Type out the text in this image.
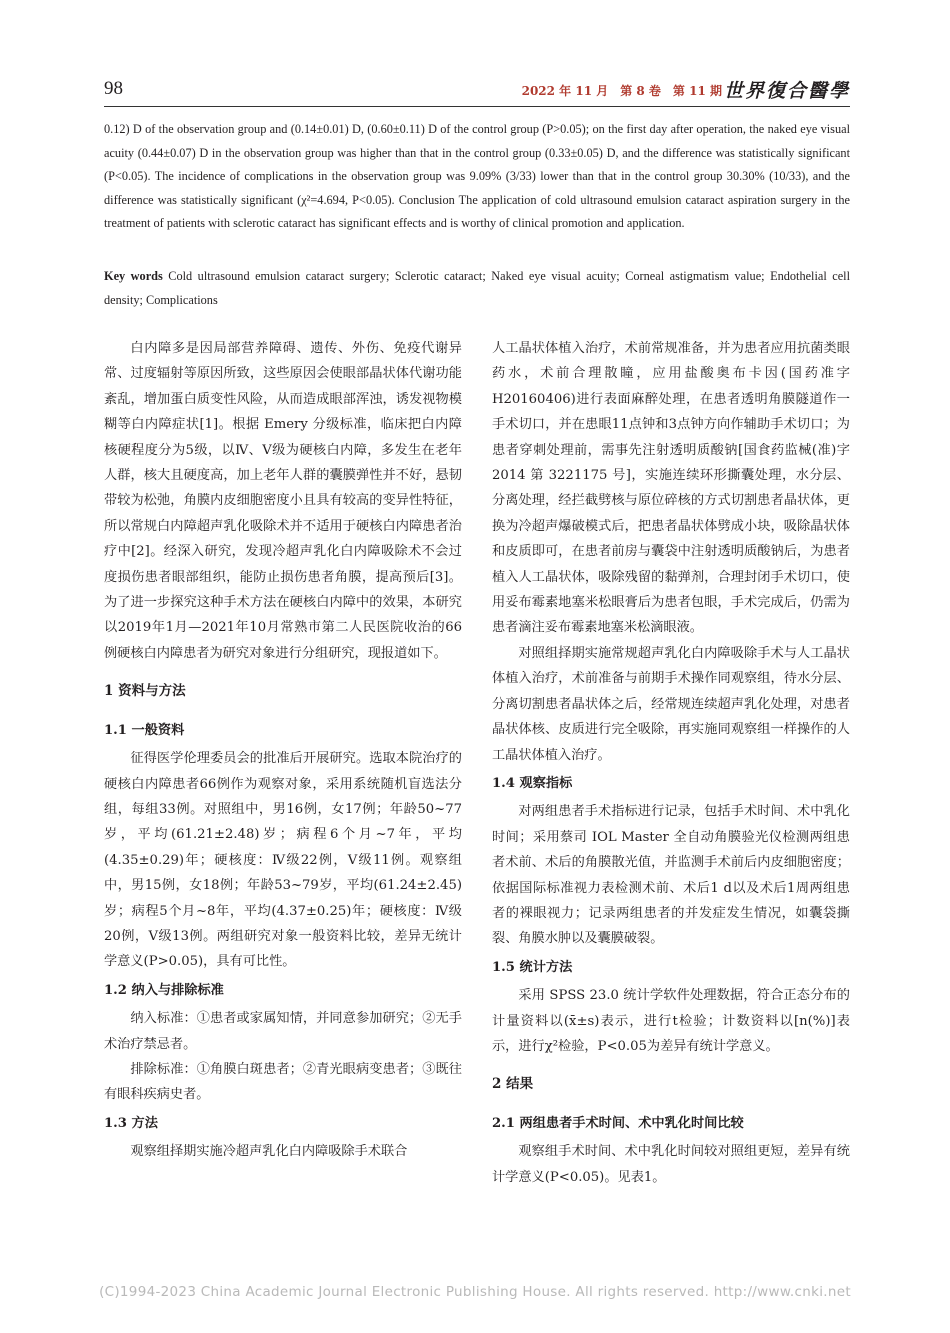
98	2022 年 11 月　第 8 卷　第 11 期 世界復合醫學
0.12) D of the observation group and (0.14±0.01) D, (0.60±0.11) D of the control group (P>0.05); on the first day after operation, the naked eye visual acuity (0.44±0.07) D in the observation group was higher than that in the control group (0.33±0.05) D, and the difference was statistically significant (P<0.05). The incidence of complications in the observation group was 9.09% (3/33) lower than that in the control group 30.30% (10/33), and the difference was statistically significant (χ²=4.694, P<0.05). Conclusion The application of cold ultrasound emulsion cataract aspiration surgery in the treatment of patients with sclerotic cataract has significant effects and is worthy of clinical promotion and application.
Key words Cold ultrasound emulsion cataract surgery; Sclerotic cataract; Naked eye visual acuity; Corneal astigmatism value; Endothelial cell density; Complications

白内障多是因局部营养障碍、遗传、外伤、免疫代谢异常、过度辐射等原因所致，这些原因会使眼部晶状体代谢功能紊乱，增加蛋白质变性风险，从而造成眼部浑浊，诱发视物模糊等白内障症状[1]。根据 Emery 分级标准，临床把白内障核硬程度分为5级，以Ⅳ、Ⅴ级为硬核白内障，多发生在老年人群，核大且硬度高，加上老年人群的囊膜弹性并不好，悬韧带较为松弛，角膜内皮细胞密度小且具有较高的变异性特征，所以常规白内障超声乳化吸除术并不适用于硬核白内障患者治疗中[2]。经深入研究，发现冷超声乳化白内障吸除术不会过度损伤患者眼部组织，能防止损伤患者角膜，提高预后[3]。为了进一步探究这种手术方法在硬核白内障中的效果，本研究以2019年1月—2021年10月常熟市第二人民医院收治的66例硬核白内障患者为研究对象进行分组研究，现报道如下。

1 资料与方法
1.1 一般资料

征得医学伦理委员会的批准后开展研究。选取本院治疗的硬核白内障患者66例作为观察对象，采用系统随机盲选法分组，每组33例。对照组中，男16例，女17例；年龄50~77岁，平均(61.21±2.48)岁；病程6个月~7年，平均(4.35±0.29)年；硬核度：Ⅳ级22例，Ⅴ级11例。观察组中，男15例，女18例；年龄53~79岁，平均(61.24±2.45)岁；病程5个月~8年，平均(4.37±0.25)年；硬核度：Ⅳ级20例，Ⅴ级13例。两组研究对象一般资料比较，差异无统计学意义(P>0.05)，具有可比性。

1.2 纳入与排除标准

纳入标准：①患者或家属知情，并同意参加研究；②无手术治疗禁忌者。

排除标准：①角膜白斑患者；②青光眼病变患者；③既往有眼科疾病史者。

1.3 方法

观察组择期实施冷超声乳化白内障吸除手术联合

人工晶状体植入治疗，术前常规准备，并为患者应用抗菌类眼药水，术前合理散瞳，应用盐酸奥布卡因(国药准字 H20160406)进行表面麻醉处理，在患者透明角膜隧道作一手术切口，并在患眼11点钟和3点钟方向作辅助手术切口；为患者穿刺处理前，需事先注射透明质酸钠[国食药监械(准)字 2014 第 3221175 号]，实施连续环形撕囊处理，水分层、分离处理，经拦截劈核与原位碎核的方式切割患者晶状体，更换为冷超声爆破模式后，把患者晶状体劈成小块，吸除晶状体和皮质即可，在患者前房与囊袋中注射透明质酸钠后，为患者植入人工晶状体，吸除残留的黏弹剂，合理封闭手术切口，使用妥布霉素地塞米松眼膏后为患者包眼，手术完成后，仍需为患者滴注妥布霉素地塞米松滴眼液。

对照组择期实施常规超声乳化白内障吸除手术与人工晶状体植入治疗，术前准备与前期手术操作同观察组，待水分层、分离切割患者晶状体之后，经常规连续超声乳化处理，对患者晶状体核、皮质进行完全吸除，再实施同观察组一样操作的人工晶状体植入治疗。

1.4 观察指标

对两组患者手术指标进行记录，包括手术时间、术中乳化时间；采用蔡司 IOL Master 全自动角膜验光仪检测两组患者术前、术后的角膜散光值，并监测手术前后内皮细胞密度；依据国际标准视力表检测术前、术后1 d以及术后1周两组患者的裸眼视力；记录两组患者的并发症发生情况，如囊袋撕裂、角膜水肿以及囊膜破裂。

1.5 统计方法

采用 SPSS 23.0 统计学软件处理数据，符合正态分布的计量资料以(x̄±s)表示，进行t检验；计数资料以[n(%)]表示，进行χ²检验，P<0.05为差异有统计学意义。

2 结果
2.1 两组患者手术时间、术中乳化时间比较

观察组手术时间、术中乳化时间较对照组更短，差异有统计学意义(P<0.05)。见表1。

(C)1994-2023 China Academic Journal Electronic Publishing House. All rights reserved. http://www.cnki.net
